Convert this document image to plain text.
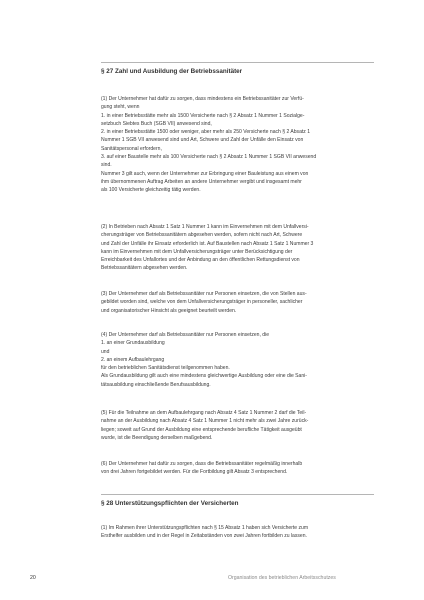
§ 27 Zahl und Ausbildung der Betriebssanitäter

(1) Der Unternehmer hat dafür zu sorgen, dass mindestens ein Betriebssanitäter zur Verfü-
gung steht, wenn
1. in einer Betriebsstätte mehr als 1500 Versicherte nach § 2 Absatz 1 Nummer 1 Sozialge-
setzbuch Siebtes Buch (SGB VII) anwesend sind,
2. in einer Betriebsstätte 1500 oder weniger, aber mehr als 250 Versicherte nach § 2 Absatz 1
Nummer 1 SGB VII anwesend sind und Art, Schwere und Zahl der Unfälle den Einsatz von
Sanitätspersonal erfordern,
3. auf einer Baustelle mehr als 100 Versicherte nach § 2 Absatz 1 Nummer 1 SGB VII anwesend
sind.
Nummer 3 gilt auch, wenn der Unternehmer zur Erbringung einer Bauleistung aus einem von
ihm übernommenen Auftrag Arbeiten an andere Unternehmer vergibt und insgesamt mehr
als 100 Versicherte gleichzeitig tätig werden.

(2) In Betrieben nach Absatz 1 Satz 1 Nummer 1 kann im Einvernehmen mit dem Unfallversi-
cherungsträger von Betriebssanitätern abgesehen werden, sofern nicht nach Art, Schwere
und Zahl der Unfälle ihr Einsatz erforderlich ist. Auf Baustellen nach Absatz 1 Satz 1 Nummer 3
kann im Einvernehmen mit dem Unfallversicherungsträger unter Berücksichtigung der
Erreichbarkeit des Unfallortes und der Anbindung an den öffentlichen Rettungsdienst von
Betriebssanitätern abgesehen werden.

(3) Der Unternehmer darf als Betriebssanitäter nur Personen einsetzen, die von Stellen aus-
gebildet worden sind, welche von dem Unfallversicherungsträger in personeller, sachlicher
und organisatorischer Hinsicht als geeignet beurteilt werden.

(4) Der Unternehmer darf als Betriebssanitäter nur Personen einsetzen, die
1. an einer Grundausbildung
und
2. an einem Aufbaulehrgang
für den betrieblichen Sanitätsdienst teilgenommen haben.
Als Grundausbildung gilt auch eine mindestens gleichwertige Ausbildung oder eine die Sani-
tätsausbildung einschließende Berufsausbildung.

(5) Für die Teilnahme an dem Aufbaulehrgang nach Absatz 4 Satz 1 Nummer 2 darf die Teil-
nahme an der Ausbildung nach Absatz 4 Satz 1 Nummer 1 nicht mehr als zwei Jahre zurück-
liegen; soweit auf Grund der Ausbildung eine entsprechende berufliche Tätigkeit ausgeübt
wurde, ist die Beendigung derselben maßgebend.

(6) Der Unternehmer hat dafür zu sorgen, dass die Betriebssanitäter regelmäßig innerhalb
von drei Jahren fortgebildet werden. Für die Fortbildung gilt Absatz 3 entsprechend.

§ 28 Unterstützungspflichten der Versicherten

(1) Im Rahmen ihrer Unterstützungspflichten nach § 15 Absatz 1 haben sich Versicherte zum
Ersthelfer ausbilden und in der Regel in Zeitabständen von zwei Jahren fortbilden zu lassen.

20	Organisation des betrieblichen Arbeitsschutzes
